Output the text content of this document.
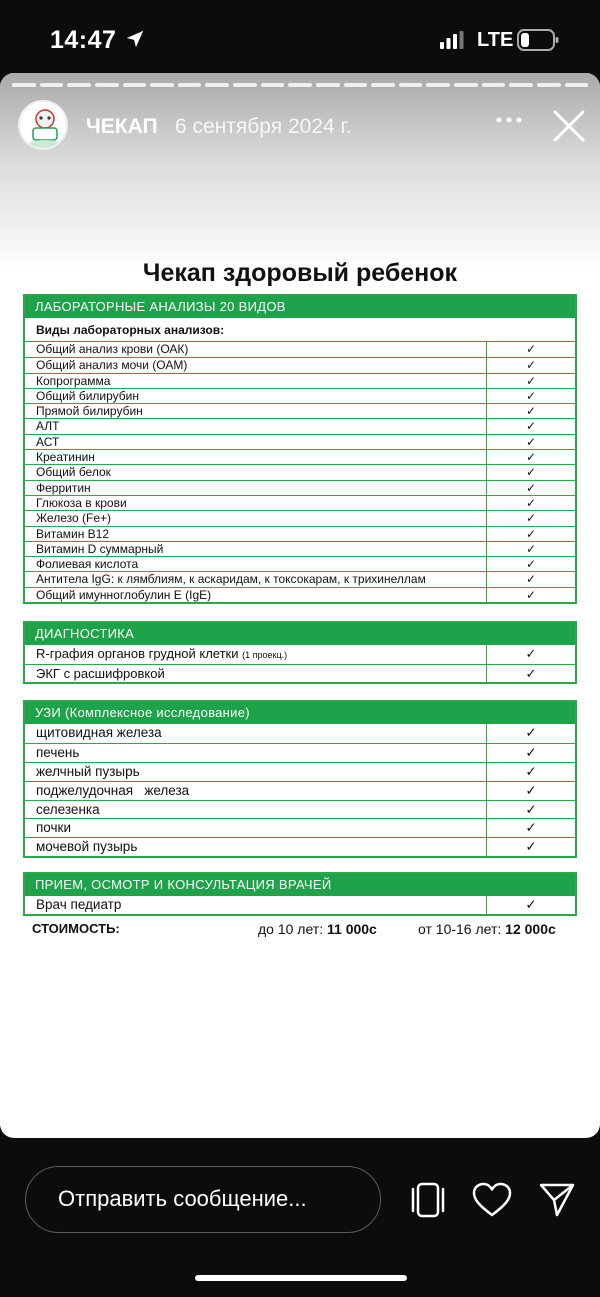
14:47	LTE
ЧЕКАП 6 сентября 2024 г.
Чекап здоровый ребенок
ЛАБОРАТОРНЫЕ АНАЛИЗЫ 20 ВИДОВ
Виды лабораторных анализов:
Общий анализ крови (ОАК)	✓
Общий анализ мочи (ОАМ)	✓
Копрограмма	✓
Общий билирубин	✓
Прямой билирубин	✓
АЛТ	✓
АСТ	✓
Креатинин	✓
Общий белок	✓
Ферритин	✓
Глюкоза в крови	✓
Железо (Fe+)	✓
Витамин В12	✓
Витамин D суммарный	✓
Фолиевая кислота	✓
Антитела IgG: к лямблиям, к аскаридам, к токсокарам, к трихинеллам	✓
Общий имунноглобулин Е (IgE)	✓
ДИАГНОСТИКА
R-графия органов грудной клетки (1 проекц.)	✓
ЭКГ с расшифровкой	✓
УЗИ (Комплексное исследование)
щитовидная железа	✓
печень	✓
желчный пузырь	✓
поджелудочная   железа	✓
селезенка	✓
почки	✓
мочевой пузырь	✓
ПРИЕМ, ОСМОТР И КОНСУЛЬТАЦИЯ ВРАЧЕЙ
Врач педиатр	✓
СТОИМОСТЬ:	до 10 лет: 11 000с	от 10-16 лет: 12 000с
Отправить сообщение...
